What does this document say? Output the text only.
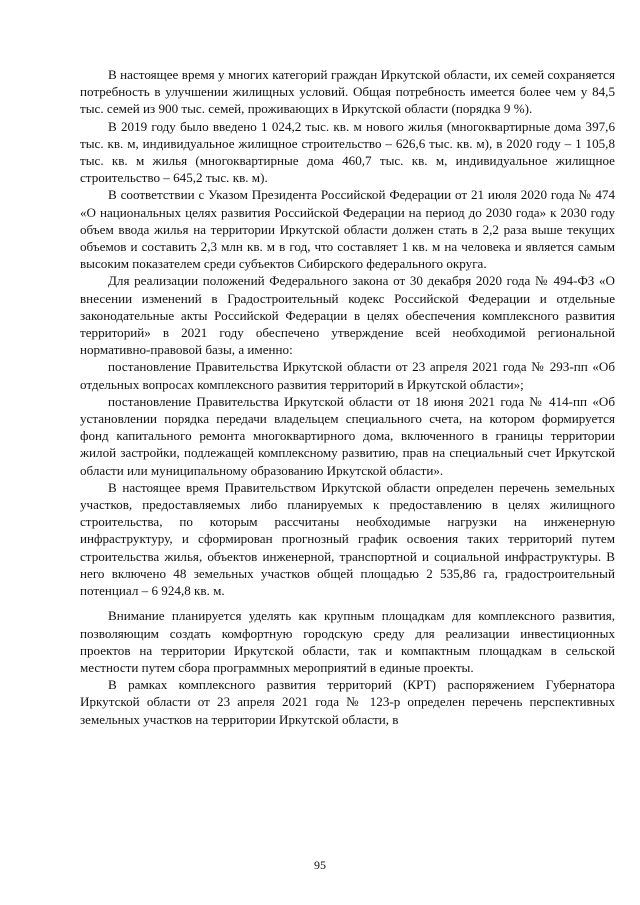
В настоящее время у многих категорий граждан Иркутской области, их семей сохраняется потребность в улучшении жилищных условий. Общая потребность имеется более чем у 84,5 тыс. семей из 900 тыс. семей, проживающих в Иркутской области (порядка 9 %).

В 2019 году было введено 1 024,2 тыс. кв. м нового жилья (многоквартирные дома 397,6 тыс. кв. м, индивидуальное жилищное строительство – 626,6 тыс. кв. м), в 2020 году – 1 105,8 тыс. кв. м жилья (многоквартирные дома 460,7 тыс. кв. м, индивидуальное жилищное строительство – 645,2 тыс. кв. м).

В соответствии с Указом Президента Российской Федерации от 21 июля 2020 года № 474 «О национальных целях развития Российской Федерации на период до 2030 года» к 2030 году объем ввода жилья на территории Иркутской области должен стать в 2,2 раза выше текущих объемов и составить 2,3 млн кв. м в год, что составляет 1 кв. м на человека и является самым высоким показателем среди субъектов Сибирского федерального округа.

Для реализации положений Федерального закона от 30 декабря 2020 года № 494-ФЗ «О внесении изменений в Градостроительный кодекс Российской Федерации и отдельные законодательные акты Российской Федерации в целях обеспечения комплексного развития территорий» в 2021 году обеспечено утверждение всей необходимой региональной нормативно-правовой базы, а именно:

постановление Правительства Иркутской области от 23 апреля 2021 года № 293-пп «Об отдельных вопросах комплексного развития территорий в Иркутской области»;

постановление Правительства Иркутской области от 18 июня 2021 года № 414-пп «Об установлении порядка передачи владельцем специального счета, на котором формируется фонд капитального ремонта многоквартирного дома, включенного в границы территории жилой застройки, подлежащей комплексному развитию, прав на специальный счет Иркутской области или муниципальному образованию Иркутской области».

В настоящее время Правительством Иркутской области определен перечень земельных участков, предоставляемых либо планируемых к предоставлению в целях жилищного строительства, по которым рассчитаны необходимые нагрузки на инженерную инфраструктуру, и сформирован прогнозный график освоения таких территорий путем строительства жилья, объектов инженерной, транспортной и социальной инфраструктуры. В него включено 48 земельных участков общей площадью 2 535,86 га, градостроительный потенциал – 6 924,8 кв. м.

Внимание планируется уделять как крупным площадкам для комплексного развития, позволяющим создать комфортную городскую среду для реализации инвестиционных проектов на территории Иркутской области, так и компактным площадкам в сельской местности путем сбора программных мероприятий в единые проекты.

В рамках комплексного развития территорий (КРТ) распоряжением Губернатора Иркутской области от 23 апреля 2021 года № 123-р определен перечень перспективных земельных участков на территории Иркутской области, в

95
